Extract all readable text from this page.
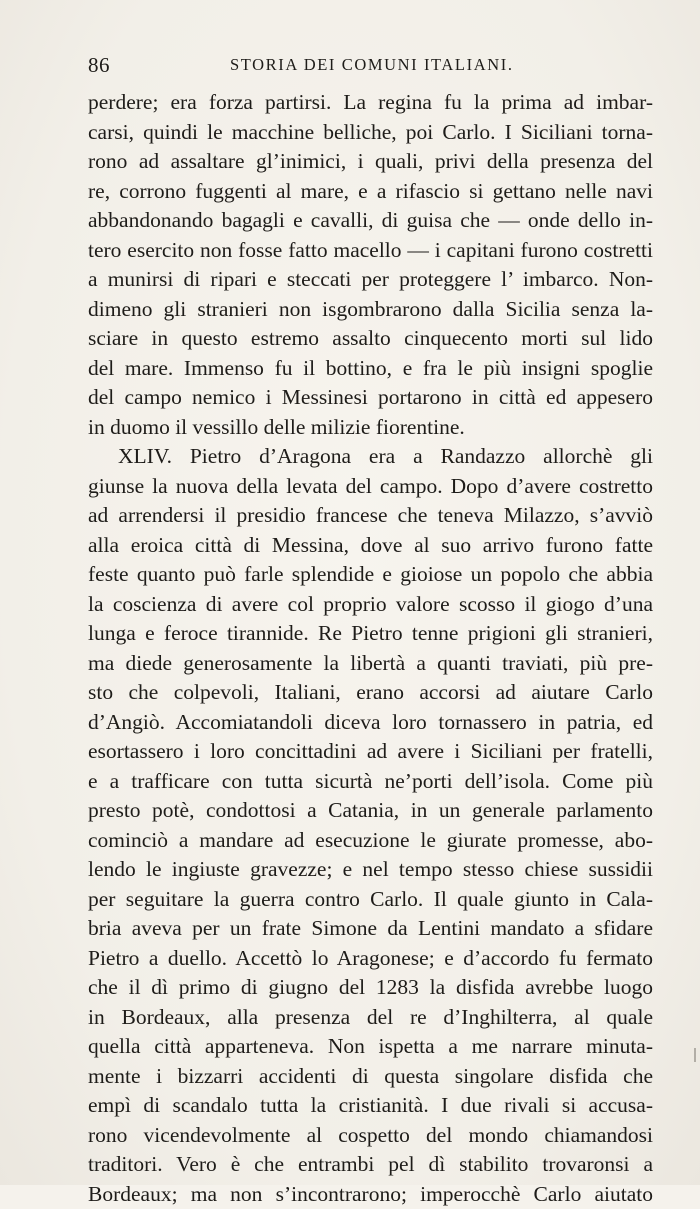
86	STORIA DEI COMUNI ITALIANI.
perdere; era forza partirsi. La regina fu la prima ad imbar-
carsi, quindi le macchine belliche, poi Carlo. I Siciliani torna-
rono ad assaltare gl’inimici, i quali, privi della presenza del
re, corrono fuggenti al mare, e a rifascio si gettano nelle navi
abbandonando bagagli e cavalli, di guisa che — onde dello in-
tero esercito non fosse fatto macello — i capitani furono costretti
a munirsi di ripari e steccati per proteggere l’ imbarco. Non-
dimeno gli stranieri non isgombrarono dalla Sicilia senza la-
sciare in questo estremo assalto cinquecento morti sul lido
del mare. Immenso fu il bottino, e fra le più insigni spoglie
del campo nemico i Messinesi portarono in città ed appesero
in duomo il vessillo delle milizie fiorentine.
XLIV. Pietro d’Aragona era a Randazzo allorchè gli
giunse la nuova della levata del campo. Dopo d’avere costretto
ad arrendersi il presidio francese che teneva Milazzo, s’avviò
alla eroica città di Messina, dove al suo arrivo furono fatte
feste quanto può farle splendide e gioiose un popolo che abbia
la coscienza di avere col proprio valore scosso il giogo d’una
lunga e feroce tirannide. Re Pietro tenne prigioni gli stranieri,
ma diede generosamente la libertà a quanti traviati, più pre-
sto che colpevoli, Italiani, erano accorsi ad aiutare Carlo
d’Angiò. Accomiatandoli diceva loro tornassero in patria, ed
esortassero i loro concittadini ad avere i Siciliani per fratelli,
e a trafficare con tutta sicurtà ne’porti dell’isola. Come più
presto potè, condottosi a Catania, in un generale parlamento
cominciò a mandare ad esecuzione le giurate promesse, abo-
lendo le ingiuste gravezze; e nel tempo stesso chiese sussidii
per seguitare la guerra contro Carlo. Il quale giunto in Cala-
bria aveva per un frate Simone da Lentini mandato a sfidare
Pietro a duello. Accettò lo Aragonese; e d’accordo fu fermato
che il dì primo di giugno del 1283 la disfida avrebbe luogo
in Bordeaux, alla presenza del re d’Inghilterra, al quale
quella città apparteneva. Non ispetta a me narrare minuta-
mente i bizzarri accidenti di questa singolare disfida che
empì di scandalo tutta la cristianità. I due rivali si accusa-
rono vicendevolmente al cospetto del mondo chiamandosi
traditori. Vero è che entrambi pel dì stabilito trovaronsi a
Bordeaux; ma non s’incontrarono; imperocchè Carlo aiutato
